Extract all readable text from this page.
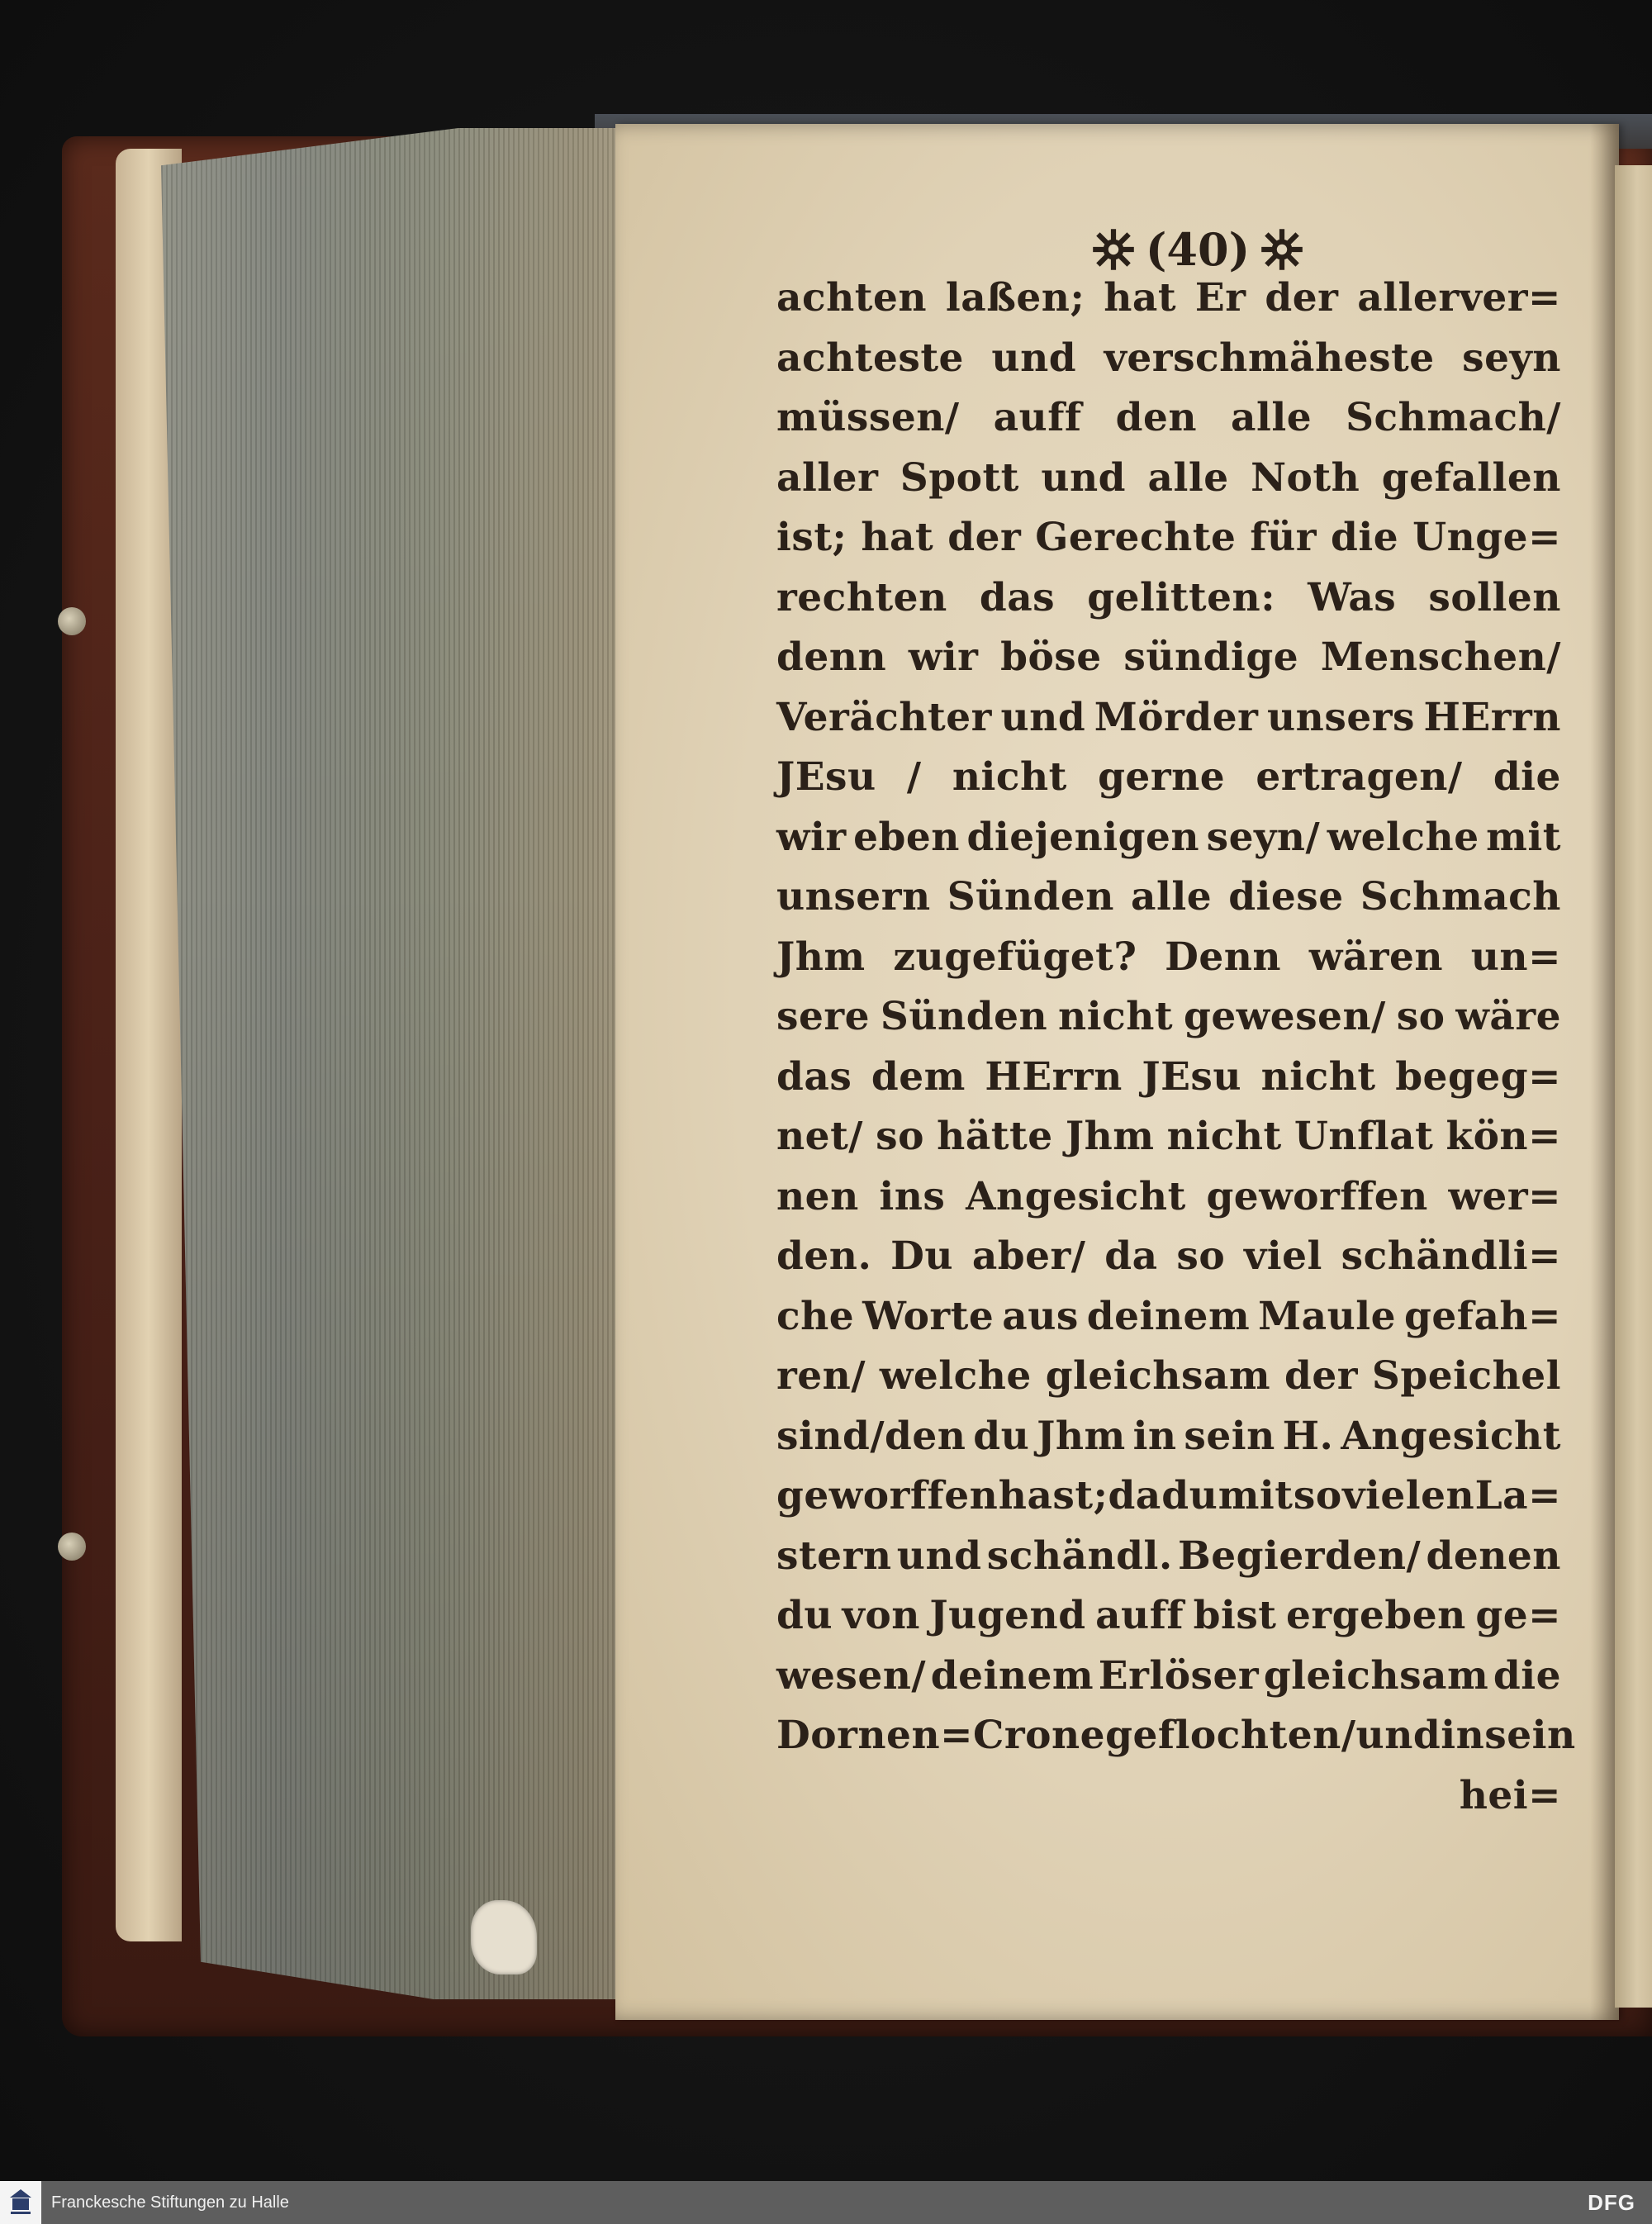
(40)
achten laßen; hat Er der allerver=
achteste und verschmäheste seyn
müssen/ auff den alle Schmach/
aller Spott und alle Noth gefallen
ist; hat der Gerechte für die Unge=
rechten das gelitten: Was sollen
denn wir böse sündige Menschen/
Verächter und Mörder unsers HErrn
JEsu / nicht gerne ertragen/ die
wir eben diejenigen seyn/ welche mit
unsern Sünden alle diese Schmach
Jhm zugefüget? Denn wären un=
sere Sünden nicht gewesen/ so wäre
das dem HErrn JEsu nicht begeg=
net/ so hätte Jhm nicht Unflat kön=
nen ins Angesicht geworffen wer=
den. Du aber/ da so viel schändli=
che Worte aus deinem Maule gefah=
ren/ welche gleichsam der Speichel
sind/den du Jhm in sein H. Angesicht
geworffen hast;da du mit so vielen La=
stern und schändl. Begierden/ denen
du von Jugend auff bist ergeben ge=
wesen/ deinem Erlöser gleichsam die
Dornen=Crone geflochten/ und in sein
hei=
Franckesche Stiftungen zu Halle	DFG
